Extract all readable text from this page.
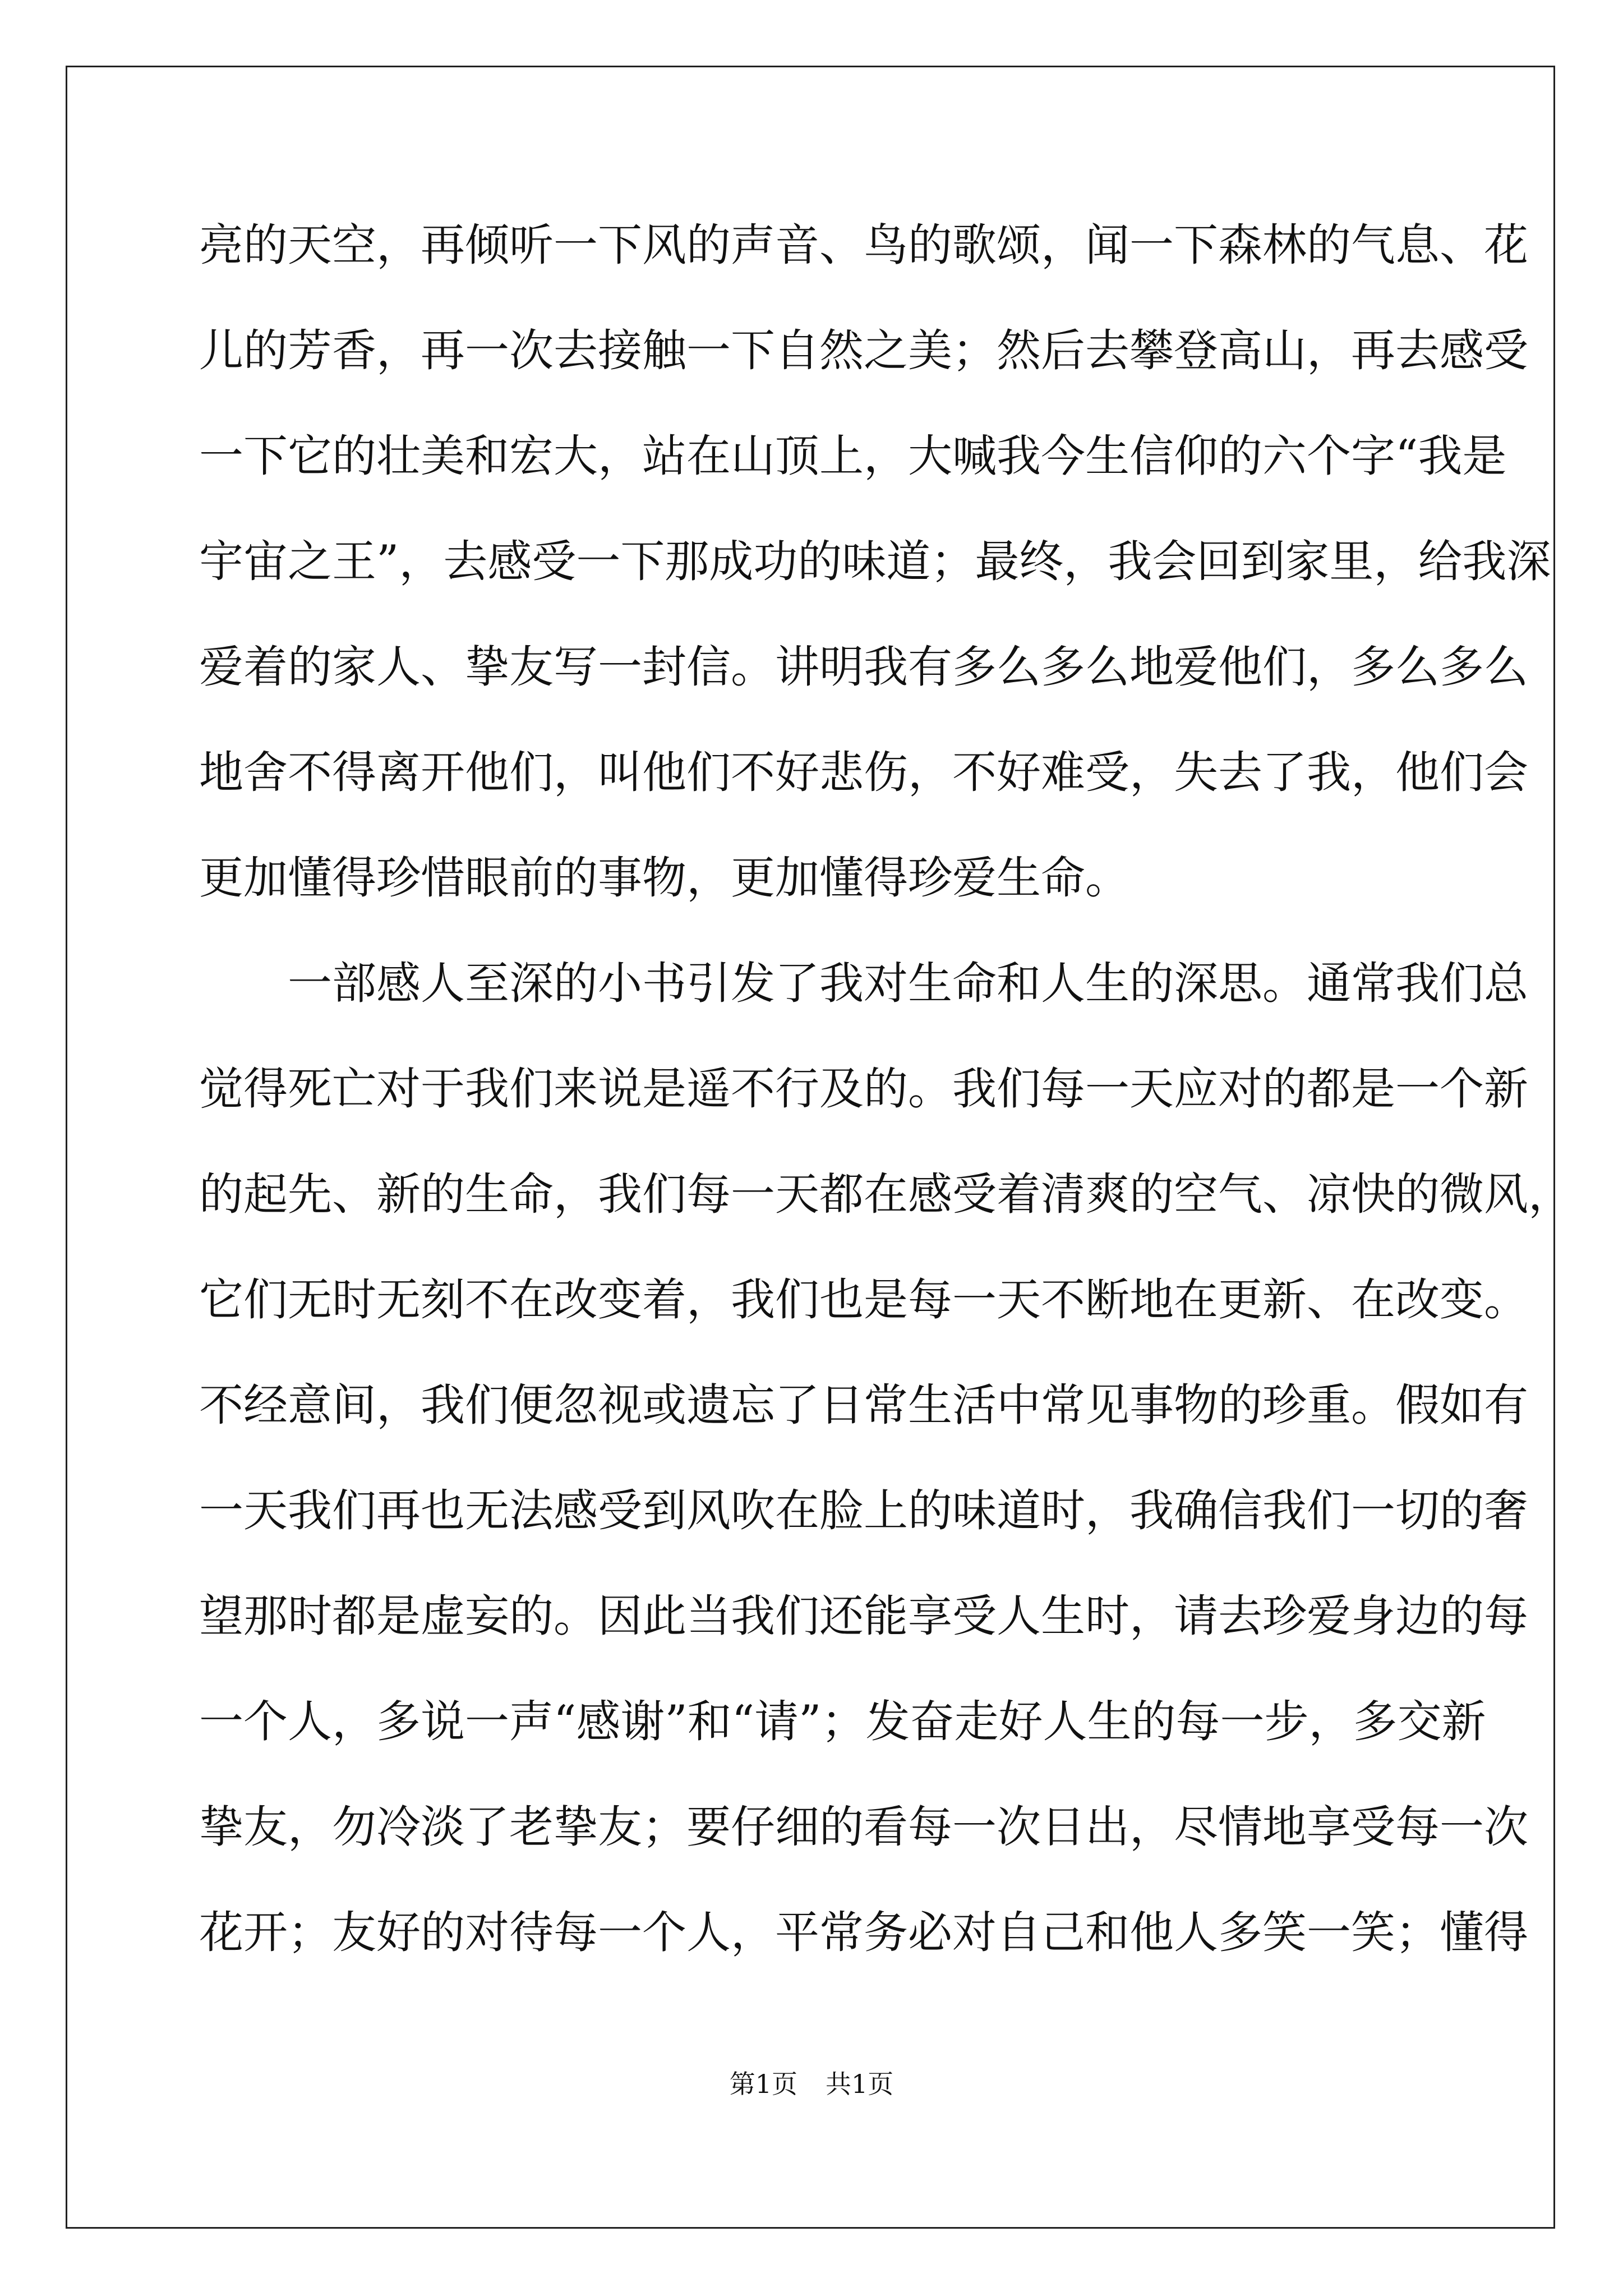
亮的天空，再倾听一下风的声音、鸟的歌颂，闻一下森林的气息、花
儿的芳香，再一次去接触一下自然之美；然后去攀登高山，再去感受
一下它的壮美和宏大，站在山顶上，大喊我今生信仰的六个字“我是
宇宙之王”，去感受一下那成功的味道；最终，我会回到家里，给我深
爱着的家人、挚友写一封信。讲明我有多么多么地爱他们，多么多么
地舍不得离开他们，叫他们不好悲伤，不好难受，失去了我，他们会
更加懂得珍惜眼前的事物，更加懂得珍爱生命。
一部感人至深的小书引发了我对生命和人生的深思。通常我们总
觉得死亡对于我们来说是遥不行及的。我们每一天应对的都是一个新
的起先、新的生命，我们每一天都在感受着清爽的空气、凉快的微风，
它们无时无刻不在改变着，我们也是每一天不断地在更新、在改变。
不经意间，我们便忽视或遗忘了日常生活中常见事物的珍重。假如有
一天我们再也无法感受到风吹在脸上的味道时，我确信我们一切的奢
望那时都是虚妄的。因此当我们还能享受人生时，请去珍爱身边的每
一个人，多说一声“感谢”和“请”；发奋走好人生的每一步，多交新
挚友，勿冷淡了老挚友；要仔细的看每一次日出，尽情地享受每一次
花开；友好的对待每一个人，平常务必对自己和他人多笑一笑；懂得
第1页 共1页
